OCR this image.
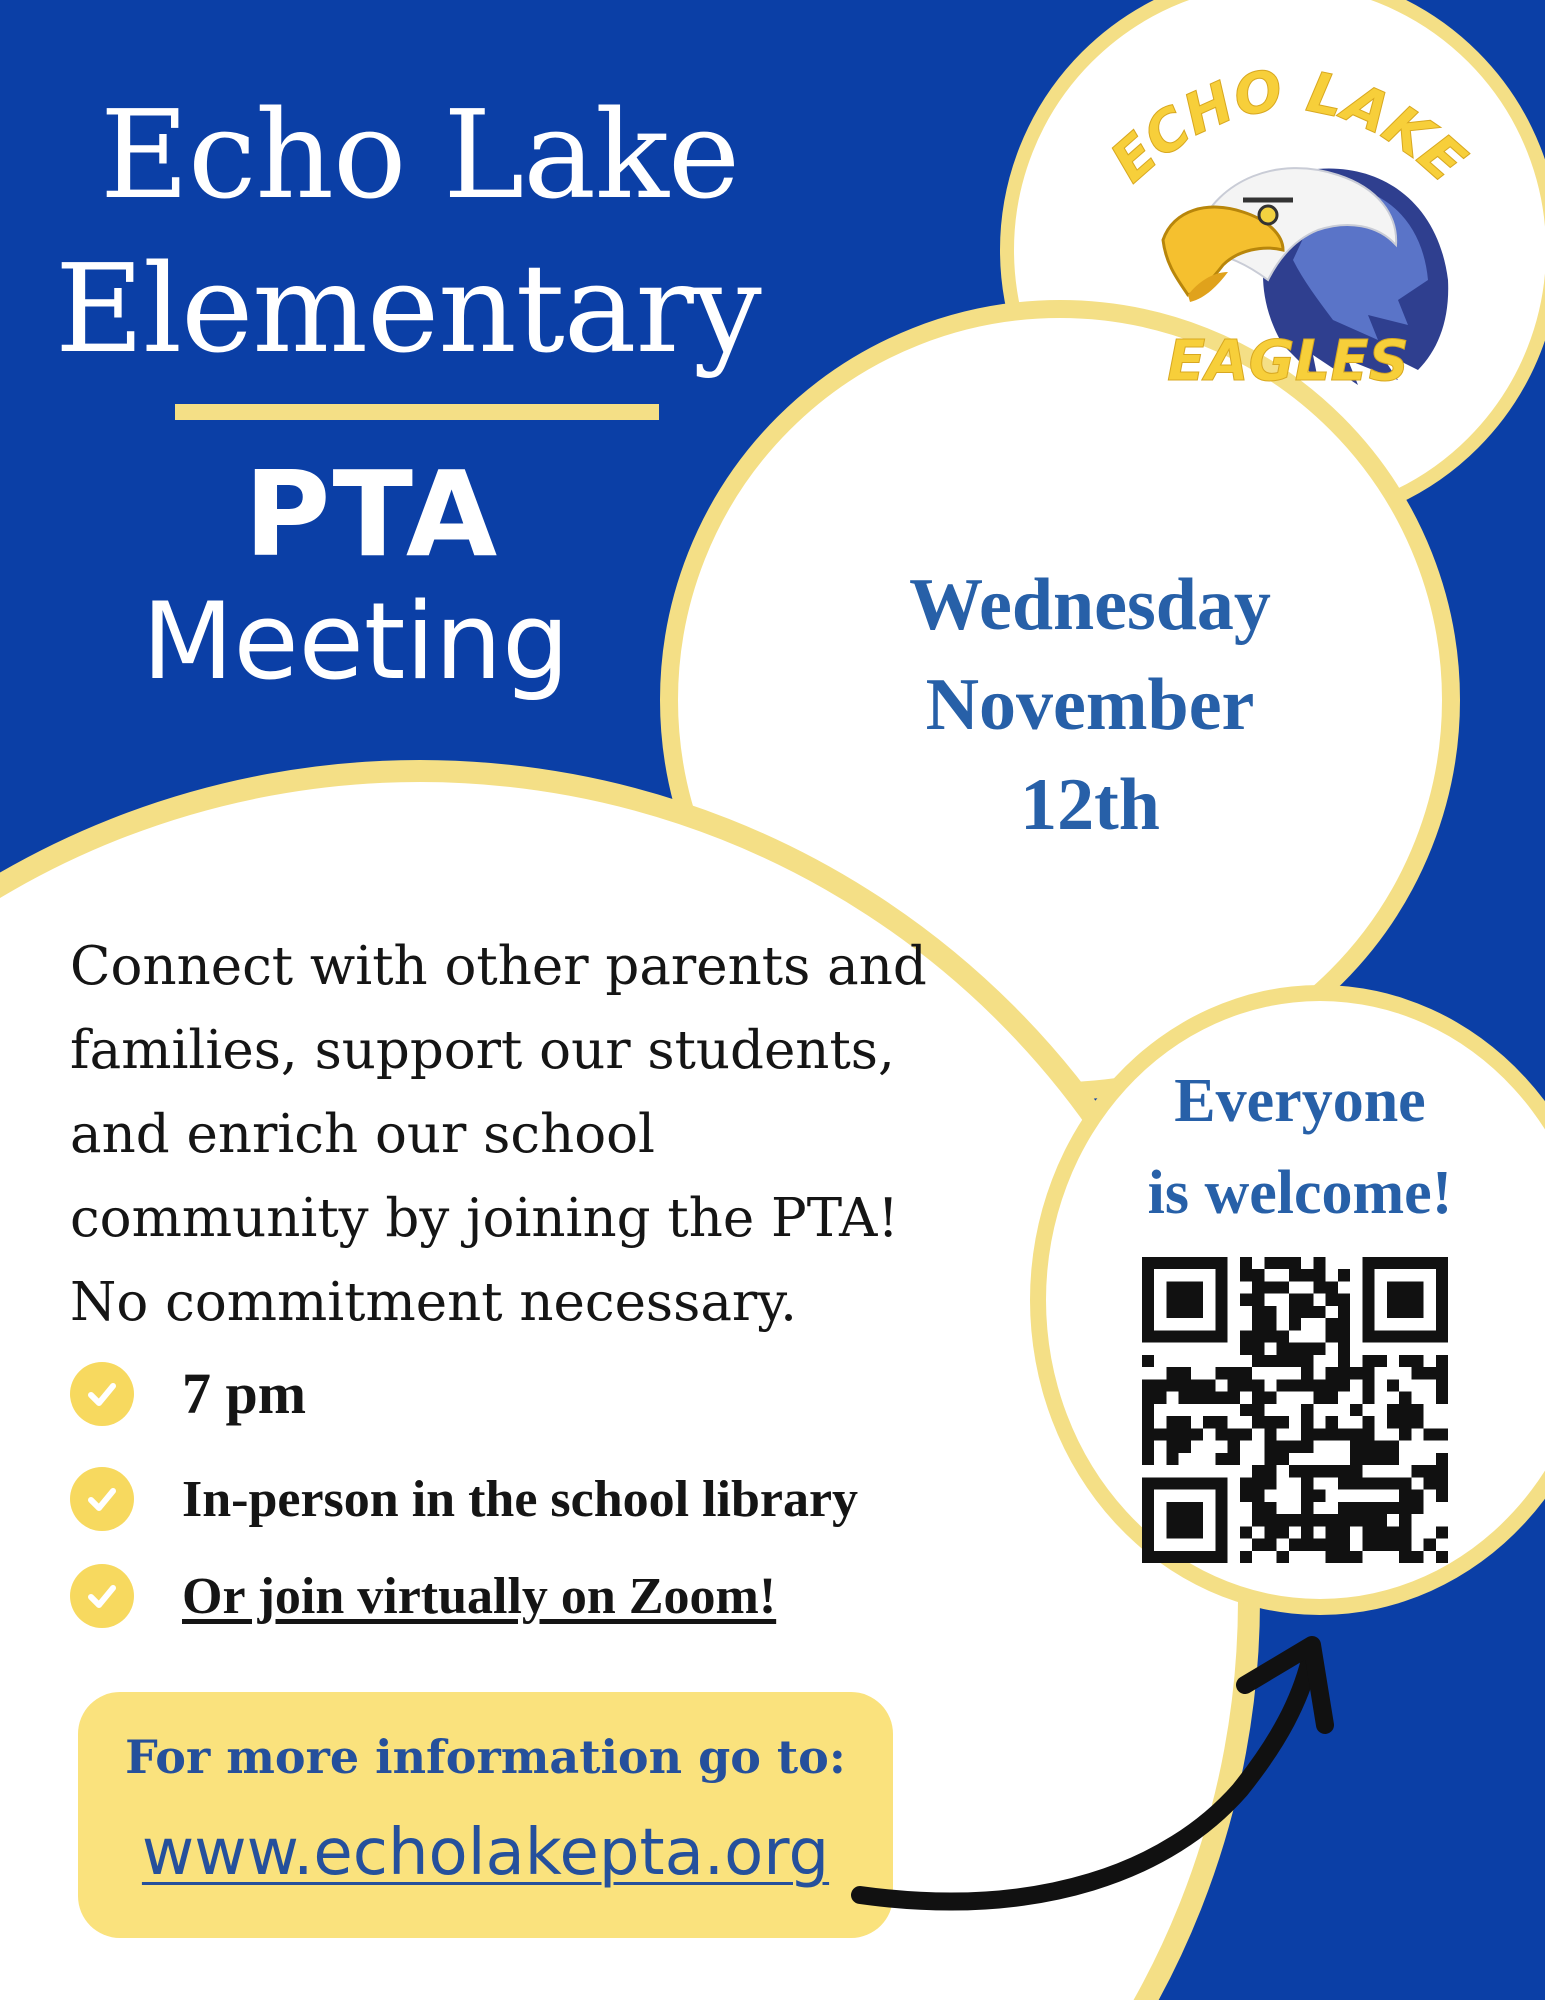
Echo Lake
Elementary
PTA
Meeting
ECHO LAKE
EAGLES
Wednesday
November
12th
Connect with other parents and
families, support our students,
and enrich our school
community by joining the PTA!
No commitment necessary.
7 pm
In-person in the school library
Or join virtually on Zoom!
Everyone
is welcome!
For more information go to:
www.echolakepta.org
